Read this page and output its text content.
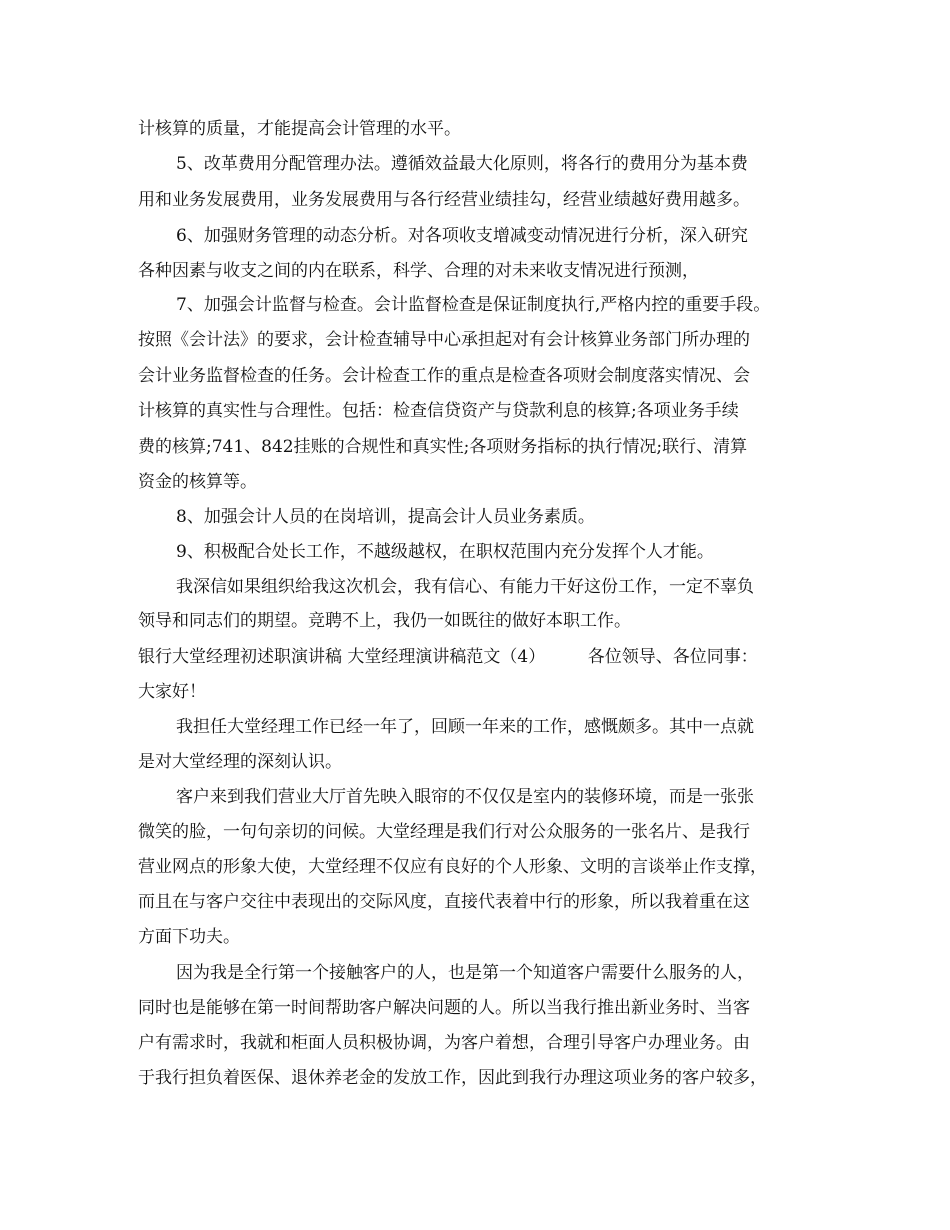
计核算的质量，才能提高会计管理的水平。
5、改革费用分配管理办法。遵循效益最大化原则，将各行的费用分为基本费
用和业务发展费用，业务发展费用与各行经营业绩挂勾，经营业绩越好费用越多。
6、加强财务管理的动态分析。对各项收支增减变动情况进行分析，深入研究
各种因素与收支之间的内在联系，科学、合理的对未来收支情况进行预测，
7、加强会计监督与检查。会计监督检查是保证制度执行,严格内控的重要手段。
按照《会计法》的要求，会计检查辅导中心承担起对有会计核算业务部门所办理的
会计业务监督检查的任务。会计检查工作的重点是检查各项财会制度落实情况、会
计核算的真实性与合理性。包括：检查信贷资产与贷款利息的核算;各项业务手续
费的核算;741、842挂账的合规性和真实性;各项财务指标的执行情况;联行、清算
资金的核算等。
8、加强会计人员的在岗培训，提高会计人员业务素质。
9、积极配合处长工作，不越级越权，在职权范围内充分发挥个人才能。
我深信如果组织给我这次机会，我有信心、有能力干好这份工作，一定不辜负
领导和同志们的期望。竞聘不上，我仍一如既往的做好本职工作。
银行大堂经理初述职演讲稿 大堂经理演讲稿范文（4）　　　各位领导、各位同事：
大家好！
我担任大堂经理工作已经一年了，回顾一年来的工作，感慨颇多。其中一点就
是对大堂经理的深刻认识。
客户来到我们营业大厅首先映入眼帘的不仅仅是室内的装修环境，而是一张张
微笑的脸，一句句亲切的问候。大堂经理是我们行对公众服务的一张名片、是我行
营业网点的形象大使，大堂经理不仅应有良好的个人形象、文明的言谈举止作支撑，
而且在与客户交往中表现出的交际风度，直接代表着中行的形象，所以我着重在这
方面下功夫。
因为我是全行第一个接触客户的人，也是第一个知道客户需要什么服务的人，
同时也是能够在第一时间帮助客户解决问题的人。所以当我行推出新业务时、当客
户有需求时，我就和柜面人员积极协调，为客户着想，合理引导客户办理业务。由
于我行担负着医保、退休养老金的发放工作，因此到我行办理这项业务的客户较多，
